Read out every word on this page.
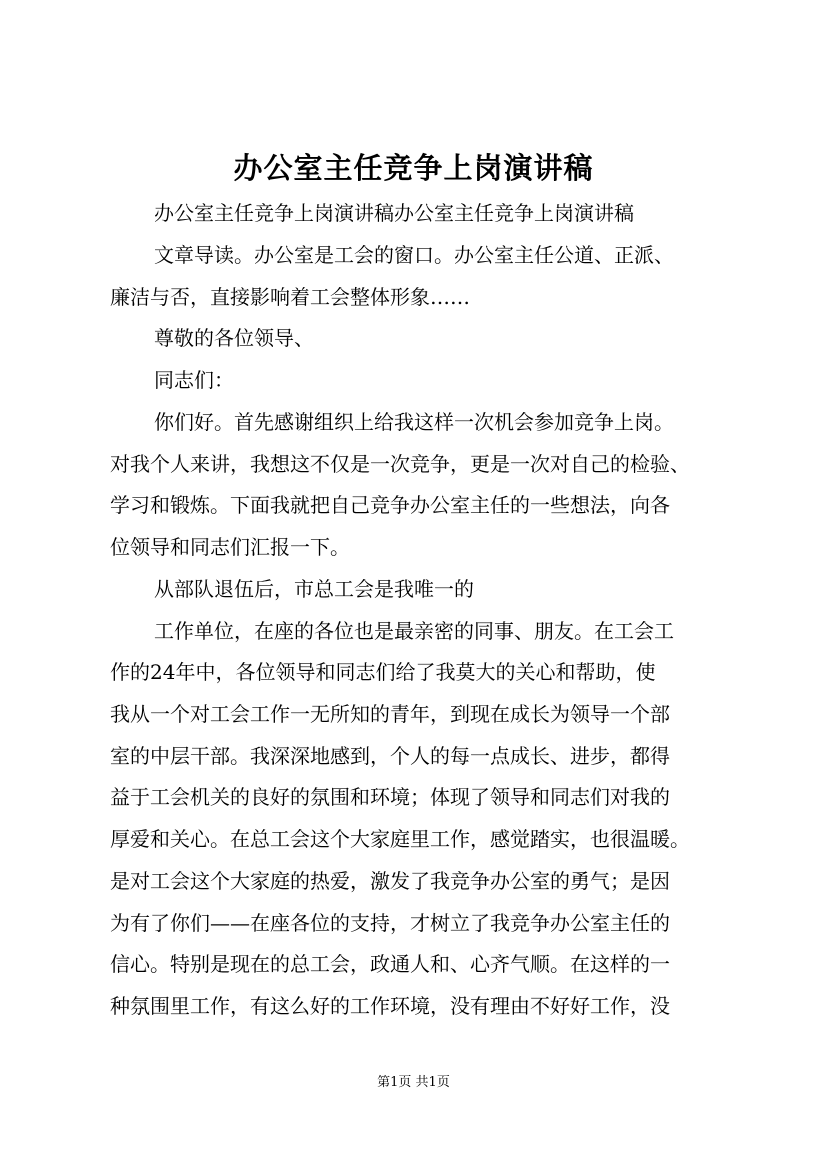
办公室主任竞争上岗演讲稿
办公室主任竞争上岗演讲稿办公室主任竞争上岗演讲稿
文章导读。办公室是工会的窗口。办公室主任公道、正派、
廉洁与否，直接影响着工会整体形象……
尊敬的各位领导、
同志们：
你们好。首先感谢组织上给我这样一次机会参加竞争上岗。
对我个人来讲，我想这不仅是一次竞争，更是一次对自己的检验、
学习和锻炼。下面我就把自己竞争办公室主任的一些想法，向各
位领导和同志们汇报一下。
从部队退伍后，市总工会是我唯一的
工作单位，在座的各位也是最亲密的同事、朋友。在工会工
作的24年中，各位领导和同志们给了我莫大的关心和帮助，使
我从一个对工会工作一无所知的青年，到现在成长为领导一个部
室的中层干部。我深深地感到，个人的每一点成长、进步，都得
益于工会机关的良好的氛围和环境；体现了领导和同志们对我的
厚爱和关心。在总工会这个大家庭里工作，感觉踏实，也很温暖。
是对工会这个大家庭的热爱，激发了我竞争办公室的勇气；是因
为有了你们——在座各位的支持，才树立了我竞争办公室主任的
信心。特别是现在的总工会，政通人和、心齐气顺。在这样的一
种氛围里工作，有这么好的工作环境，没有理由不好好工作，没
第1页 共1页
